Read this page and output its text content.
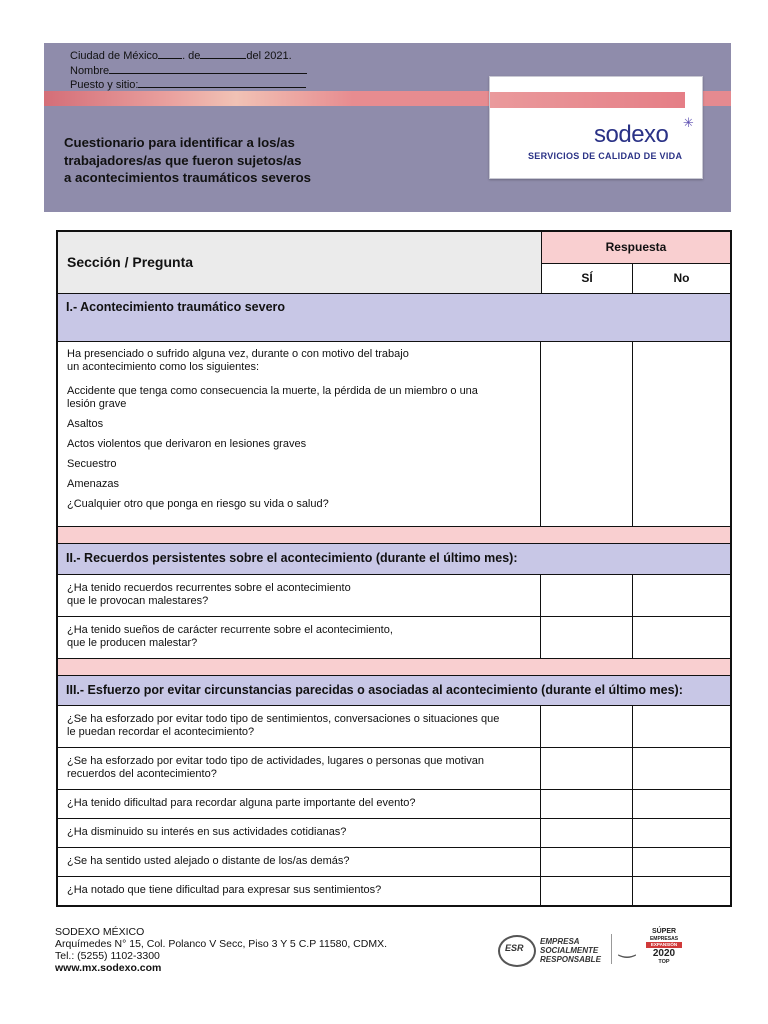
Ciudad de México . de	del 2021.
Nombre
Puesto y sitio:
Cuestionario para identificar a los/as
trabajadores/as que fueron sujetos/as
a acontecimientos traumáticos severos
sodexo ✳
SERVICIOS DE CALIDAD DE VIDA
Sección / Pregunta
Respuesta
SÍ	No
I.- Acontecimiento traumático severo
Ha presenciado o sufrido alguna vez, durante o con motivo del trabajo
un acontecimiento como los siguientes:
Accidente que tenga como consecuencia la muerte, la pérdida de un miembro o una
lesión grave
Asaltos
Actos violentos que derivaron en lesiones graves
Secuestro
Amenazas
¿Cualquier otro que ponga en riesgo su vida o salud?
II.- Recuerdos persistentes sobre el acontecimiento (durante el último mes):
¿Ha tenido recuerdos recurrentes sobre el acontecimiento
que le provocan malestares?
¿Ha tenido sueños de carácter recurrente sobre el acontecimiento,
que le producen malestar?
III.- Esfuerzo por evitar circunstancias parecidas o asociadas al acontecimiento (durante el último mes):
¿Se ha esforzado por evitar todo tipo de sentimientos, conversaciones o situaciones que
le puedan recordar el acontecimiento?
¿Se ha esforzado por evitar todo tipo de actividades, lugares o personas que motivan
recuerdos del acontecimiento?
¿Ha tenido dificultad para recordar alguna parte importante del evento?
¿Ha disminuido su interés en sus actividades cotidianas?
¿Se ha sentido usted alejado o distante de los/as demás?
¿Ha notado que tiene dificultad para expresar sus sentimientos?
SODEXO MÉXICO
Arquímedes N° 15, Col. Polanco V Secc, Piso 3 Y 5 C.P 11580, CDMX.
Tel.: (5255) 1102-3300
www.mx.sodexo.com
ESR
EMPRESA
SOCIALMENTE
RESPONSABLE
‿
SÚPER
EMPRESAS
EXPANSIÓN
2020
TOP
